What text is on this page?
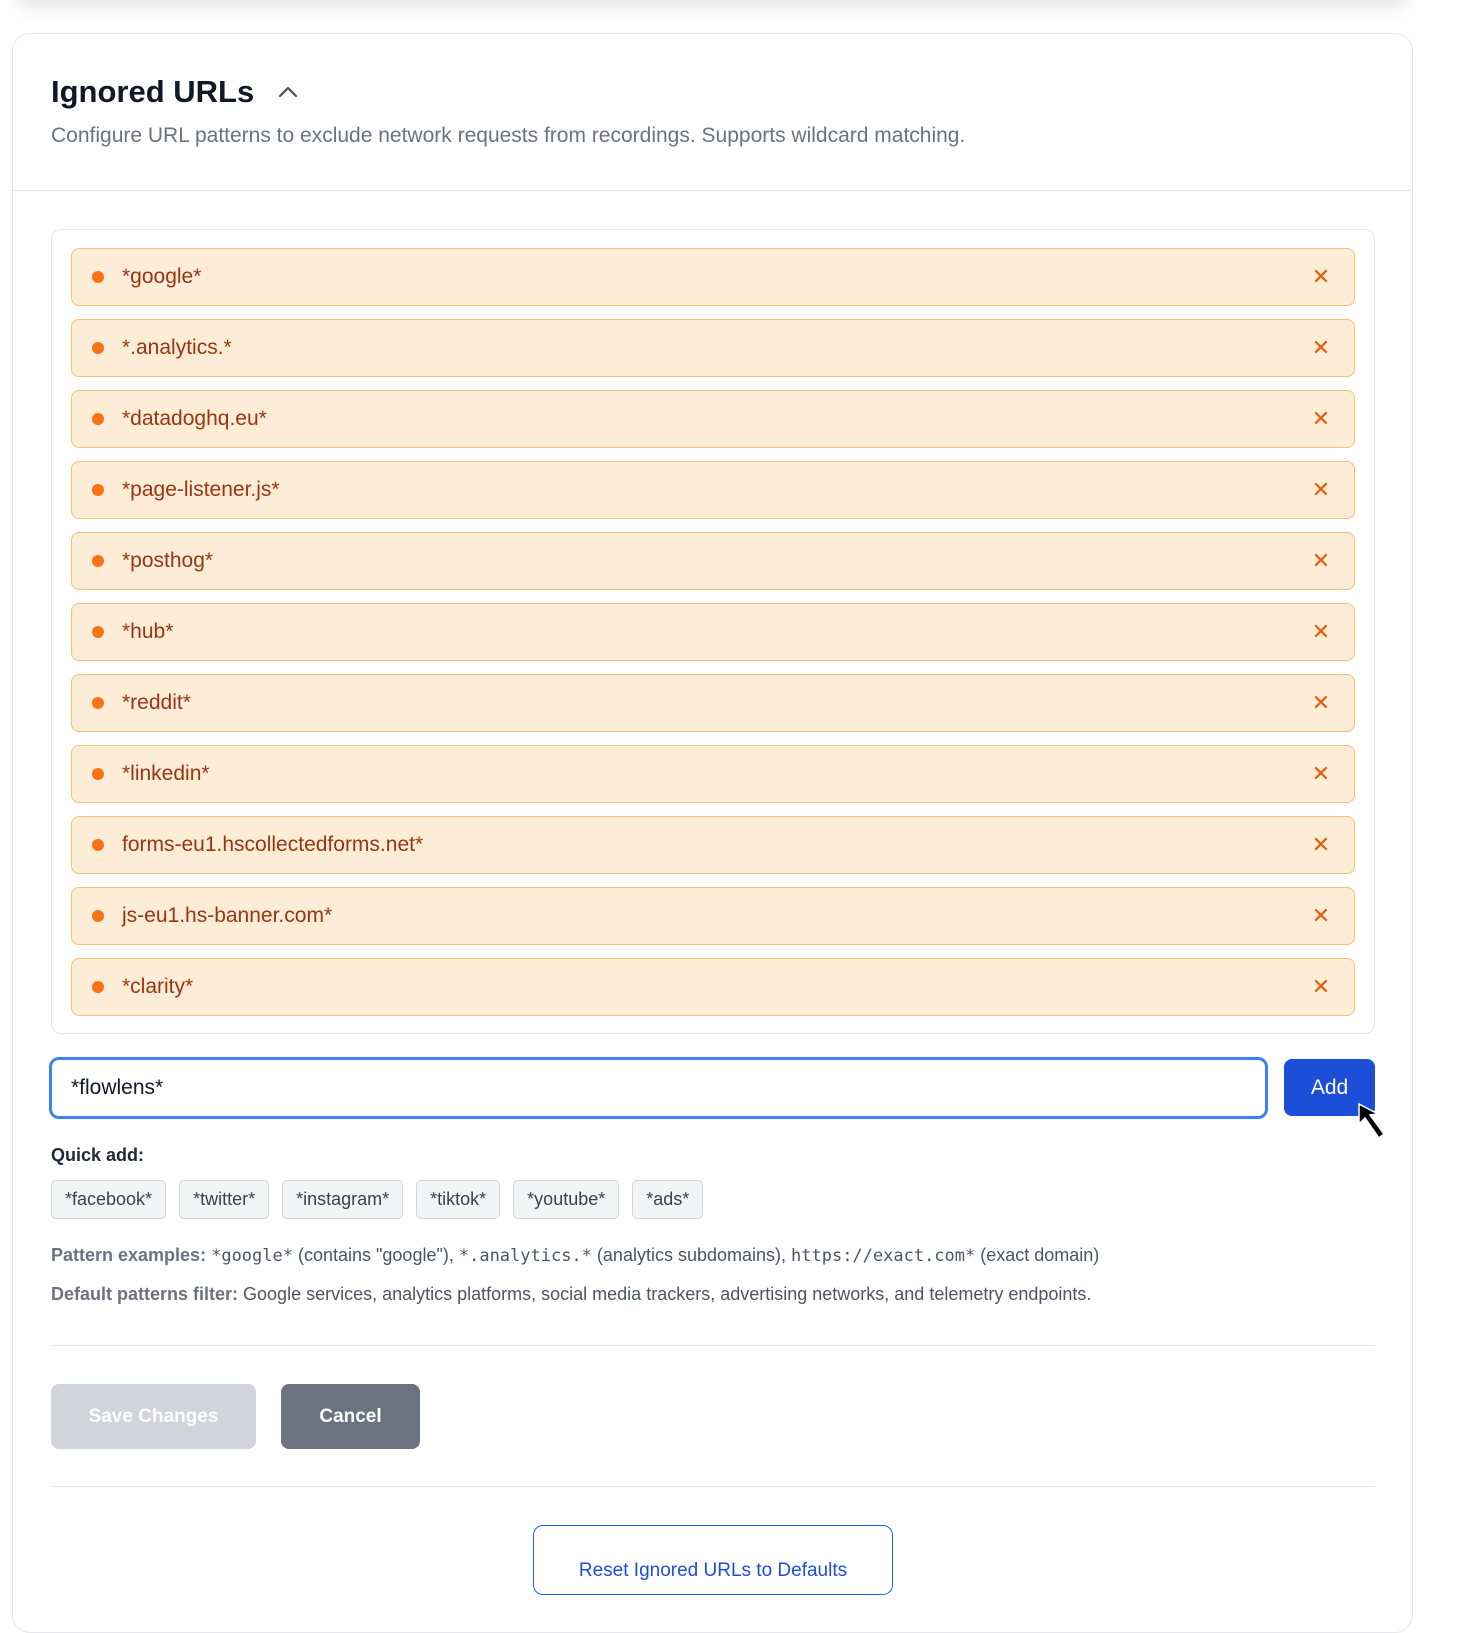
Ignored URLs
Configure URL patterns to exclude network requests from recordings. Supports wildcard matching.
*google*	✕
*.analytics.*	✕
*datadoghq.eu*	✕
*page-listener.js*	✕
*posthog*	✕
*hub*	✕
*reddit*	✕
*linkedin*	✕
forms-eu1.hscollectedforms.net*	✕
js-eu1.hs-banner.com*	✕
*clarity*	✕
*flowlens*
Add
Quick add:
*facebook*	*twitter*	*instagram*	*tiktok*	*youtube*	*ads*
Pattern examples: *google* (contains "google"), *.analytics.* (analytics subdomains), https://exact.com* (exact domain)
Default patterns filter: Google services, analytics platforms, social media trackers, advertising networks, and telemetry endpoints.
Save Changes	Cancel
Reset Ignored URLs to Defaults
